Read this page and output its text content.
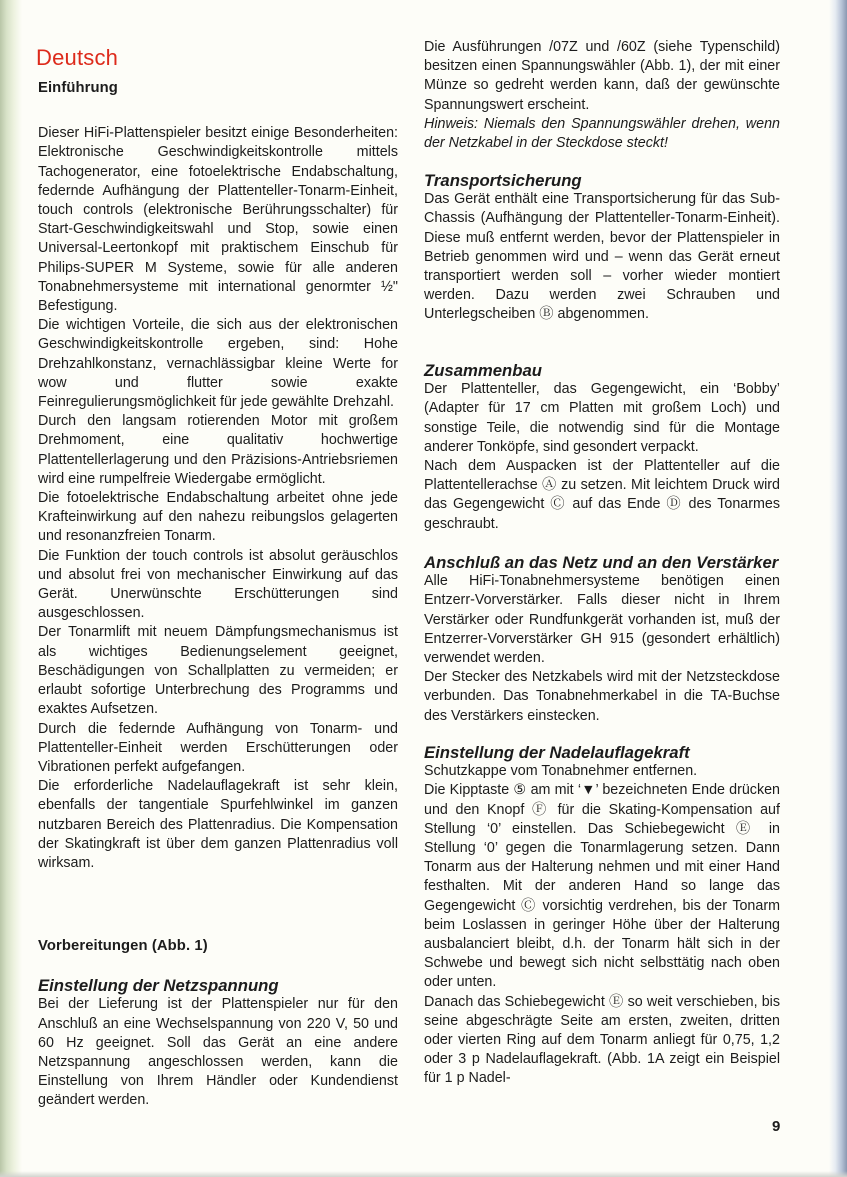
Deutsch
Einführung

Dieser HiFi-Plattenspieler besitzt einige Besonderheiten: Elektronische Geschwindigkeitskontrolle mittels Tachogenerator, eine fotoelektrische Endabschaltung, federnde Aufhängung der Plattenteller-Tonarm-Einheit, touch controls (elektronische Berührungsschalter) für Start-Geschwindigkeitswahl und Stop, sowie einen Universal-Leertonkopf mit praktischem Einschub für Philips-SUPER M Systeme, sowie für alle anderen Tonabnehmersysteme mit international genormter ½" Befestigung.

Die wichtigen Vorteile, die sich aus der elektronischen Geschwindigkeitskontrolle ergeben, sind: Hohe Drehzahlkonstanz, vernachlässigbar kleine Werte for wow und flutter sowie exakte Feinregulierungsmöglichkeit für jede gewählte Drehzahl.

Durch den langsam rotierenden Motor mit großem Drehmoment, eine qualitativ hochwertige Plattentellerlagerung und den Präzisions-Antriebsriemen wird eine rumpelfreie Wiedergabe ermöglicht.

Die fotoelektrische Endabschaltung arbeitet ohne jede Krafteinwirkung auf den nahezu reibungslos gelagerten und resonanzfreien Tonarm.

Die Funktion der touch controls ist absolut geräuschlos und absolut frei von mechanischer Einwirkung auf das Gerät. Unerwünschte Erschütterungen sind ausgeschlossen.

Der Tonarmlift mit neuem Dämpfungsmechanismus ist als wichtiges Bedienungselement geeignet, Beschädigungen von Schallplatten zu vermeiden; er erlaubt sofortige Unterbrechung des Programms und exaktes Aufsetzen.

Durch die federnde Aufhängung von Tonarm- und Plattenteller-Einheit werden Erschütterungen oder Vibrationen perfekt aufgefangen.

Die erforderliche Nadelauflagekraft ist sehr klein, ebenfalls der tangentiale Spurfehlwinkel im ganzen nutzbaren Bereich des Plattenradius. Die Kompensation der Skatingkraft ist über dem ganzen Plattenradius voll wirksam.

Vorbereitungen (Abb. 1)
Einstellung der Netzspannung

Bei der Lieferung ist der Plattenspieler nur für den Anschluß an eine Wechselspannung von 220 V, 50 und 60 Hz geeignet. Soll das Gerät an eine andere Netzspannung angeschlossen werden, kann die Einstellung von Ihrem Händler oder Kundendienst geändert werden.

Die Ausführungen /07Z und /60Z (siehe Typenschild) besitzen einen Spannungswähler (Abb. 1), der mit einer Münze so gedreht werden kann, daß der gewünschte Spannungswert erscheint.

Hinweis: Niemals den Spannungswähler drehen, wenn der Netzkabel in der Steckdose steckt!

Transportsicherung

Das Gerät enthält eine Transportsicherung für das Sub-Chassis (Aufhängung der Plattenteller-Tonarm-Einheit). Diese muß entfernt werden, bevor der Plattenspieler in Betrieb genommen wird und – wenn das Gerät erneut transportiert werden soll – vorher wieder montiert werden. Dazu werden zwei Schrauben und Unterlegscheiben Ⓑ abgenommen.

Zusammenbau

Der Plattenteller, das Gegengewicht, ein ‘Bobby’ (Adapter für 17 cm Platten mit großem Loch) und sonstige Teile, die notwendig sind für die Montage anderer Tonköpfe, sind gesondert verpackt.

Nach dem Auspacken ist der Plattenteller auf die Plattentellerachse Ⓐ zu setzen. Mit leichtem Druck wird das Gegengewicht Ⓒ auf das Ende Ⓓ des Tonarmes geschraubt.

Anschluß an das Netz und an den Verstärker

Alle HiFi-Tonabnehmersysteme benötigen einen Entzerr-Vorverstärker. Falls dieser nicht in Ihrem Verstärker oder Rundfunkgerät vorhanden ist, muß der Entzerrer-Vorverstärker GH 915 (gesondert erhältlich) verwendet werden.

Der Stecker des Netzkabels wird mit der Netzsteckdose verbunden. Das Tonabnehmerkabel in die TA-Buchse des Verstärkers einstecken.

Einstellung der Nadelauflagekraft

Schutzkappe vom Tonabnehmer entfernen.

Die Kipptaste ⑤ am mit ‘▼’ bezeichneten Ende drücken und den Knopf Ⓕ für die Skating-Kompensation auf Stellung ‘0’ einstellen. Das Schiebegewicht Ⓔ in Stellung ‘0’ gegen die Tonarmlagerung setzen. Dann Tonarm aus der Halterung nehmen und mit einer Hand festhalten. Mit der anderen Hand so lange das Gegengewicht Ⓒ vorsichtig verdrehen, bis der Tonarm beim Loslassen in geringer Höhe über der Halterung ausbalanciert bleibt, d.h. der Tonarm hält sich in der Schwebe und bewegt sich nicht selbsttätig nach oben oder unten.

Danach das Schiebegewicht Ⓔ so weit verschieben, bis seine abgeschrägte Seite am ersten, zweiten, dritten oder vierten Ring auf dem Tonarm anliegt für 0,75, 1,2 oder 3 p Nadelauflagekraft. (Abb. 1A zeigt ein Beispiel für 1 p Nadel-

9
